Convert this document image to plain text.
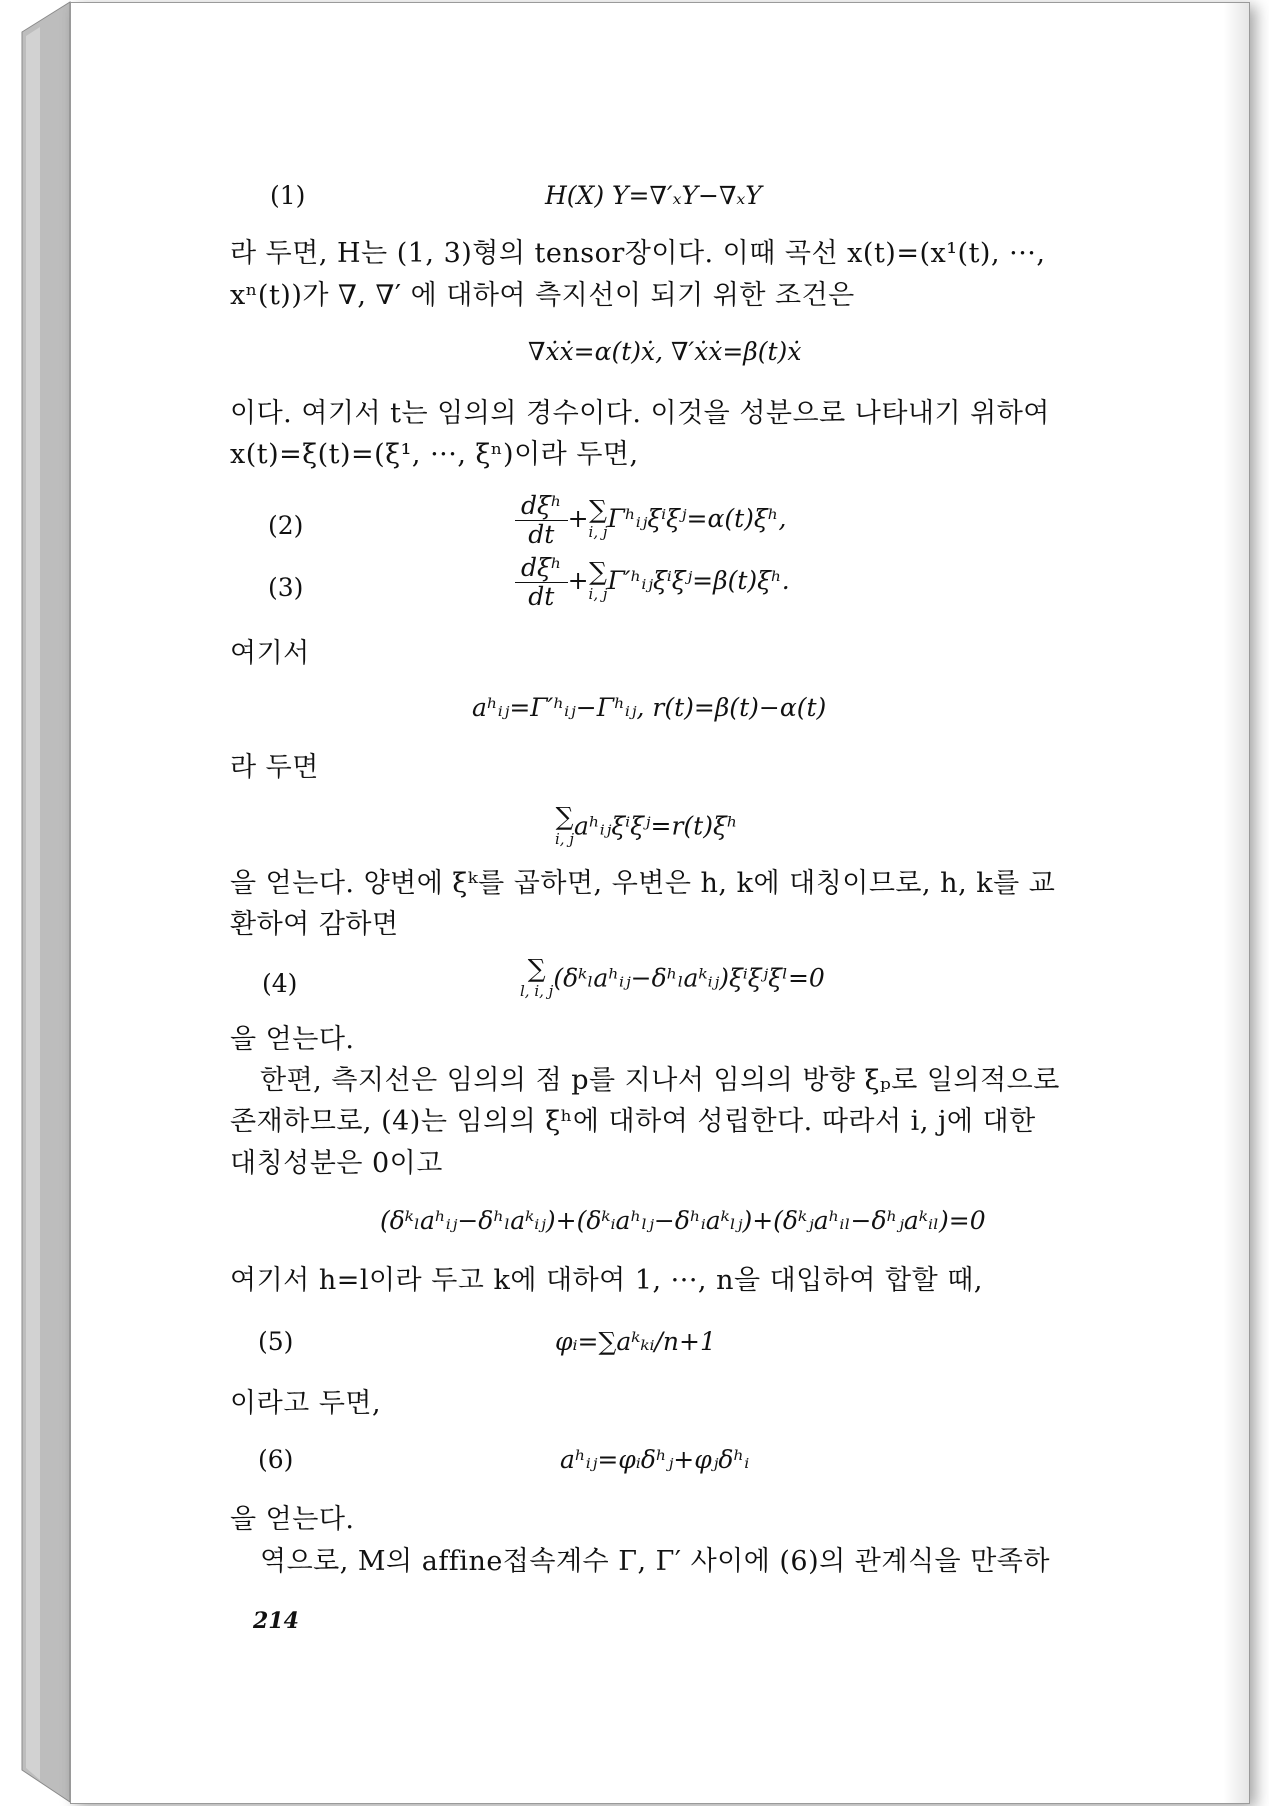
(1)	H(X) Y=∇′ₓY−∇ₓY
라 두면, H는 (1, 3)형의 tensor장이다. 이때 곡선 x(t)=(x¹(t), ···,
xⁿ(t))가 ∇, ∇′ 에 대하여 측지선이 되기 위한 조건은
∇ẋẋ=α(t)ẋ, ∇′ẋẋ=β(t)ẋ
이다. 여기서 t는 임의의 경수이다. 이것을 성분으로 나타내기 위하여
x(t)=ξ(t)=(ξ¹, ···, ξⁿ)이라 두면,
(2)	$\frac{\text{dξʰ}}{dt}$ + ∑
i, j Γʰᵢⱼξⁱξʲ=α(t)ξʰ,
(3)	$\frac{\text{dξʰ}}{dt}$ + ∑
i, j Γ′ʰᵢⱼξⁱξʲ=β(t)ξʰ.
여기서
aʰᵢⱼ=Γ′ʰᵢⱼ−Γʰᵢⱼ, r(t)=β(t)−α(t)
라 두면
∑
i, j aʰᵢⱼξⁱξʲ=r(t)ξʰ
을 얻는다. 양변에 ξᵏ를 곱하면, 우변은 h, k에 대칭이므로, h, k를 교
환하여 감하면
(4)
∑
l, i, j (δᵏₗaʰᵢⱼ−δʰₗaᵏᵢⱼ)ξⁱξʲξˡ=0
을 얻는다.
한편, 측지선은 임의의 점 p를 지나서 임의의 방향 ξₚ로 일의적으로
존재하므로, (4)는 임의의 ξʰ에 대하여 성립한다. 따라서 i, j에 대한
대칭성분은 0이고
(δᵏₗaʰᵢⱼ−δʰₗaᵏᵢⱼ)+(δᵏᵢaʰₗⱼ−δʰᵢaᵏₗⱼ)+(δᵏⱼaʰᵢₗ−δʰⱼaᵏᵢₗ)=0
여기서 h=l이라 두고 k에 대하여 1, ···, n을 대입하여 합할 때,
(5)	φᵢ=∑aᵏₖᵢ/n+1
이라고 두면,
(6)	aʰᵢⱼ=φᵢδʰⱼ+φⱼδʰᵢ
을 얻는다.
역으로, M의 affine접속계수 Γ, Γ′ 사이에 (6)의 관계식을 만족하
214
